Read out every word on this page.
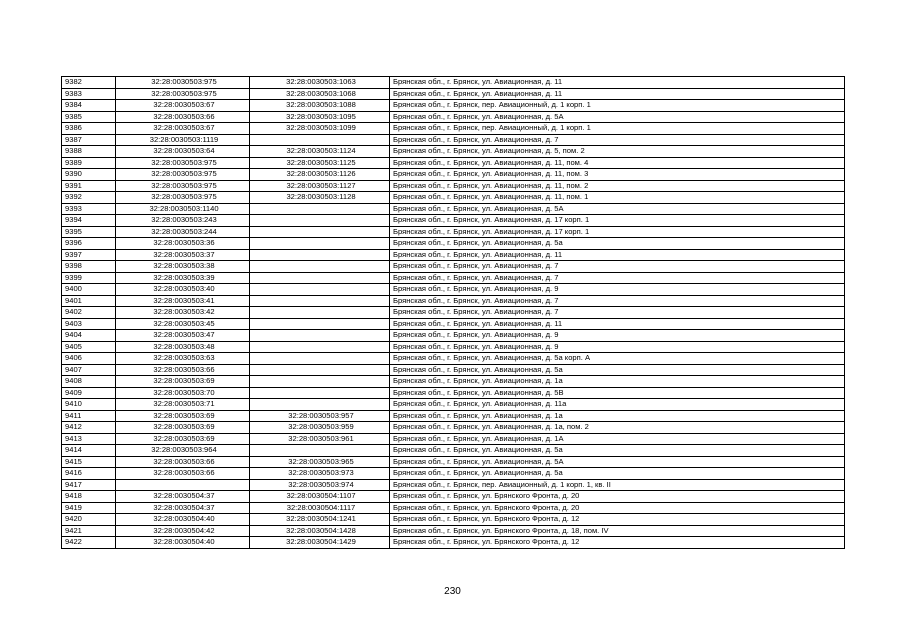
9382	32:28:0030503:975	32:28:0030503:1063	Брянская обл., г. Брянск, ул. Авиационная, д. 11
9383	32:28:0030503:975	32:28:0030503:1068	Брянская обл., г. Брянск, ул. Авиационная, д. 11
9384	32:28:0030503:67	32:28:0030503:1088	Брянская обл., г. Брянск, пер. Авиационный, д. 1 корп. 1
9385	32:28:0030503:66	32:28:0030503:1095	Брянская обл., г. Брянск, ул. Авиационная, д. 5А
9386	32:28:0030503:67	32:28:0030503:1099	Брянская обл., г. Брянск, пер. Авиационный, д. 1 корп. 1
9387	32:28:0030503:1119		Брянская обл., г. Брянск, ул. Авиационная, д. 7
9388	32:28:0030503:64	32:28:0030503:1124	Брянская обл., г. Брянск, ул. Авиационная, д. 5, пом. 2
9389	32:28:0030503:975	32:28:0030503:1125	Брянская обл., г. Брянск, ул. Авиационная, д. 11, пом. 4
9390	32:28:0030503:975	32:28:0030503:1126	Брянская обл., г. Брянск, ул. Авиационная, д. 11, пом. 3
9391	32:28:0030503:975	32:28:0030503:1127	Брянская обл., г. Брянск, ул. Авиационная, д. 11, пом. 2
9392	32:28:0030503:975	32:28:0030503:1128	Брянская обл., г. Брянск, ул. Авиационная, д. 11, пом. 1
9393	32:28:0030503:1140		Брянская обл., г. Брянск, ул. Авиационная, д. 5А
9394	32:28:0030503:243		Брянская обл., г. Брянск, ул. Авиационная, д. 17 корп. 1
9395	32:28:0030503:244		Брянская обл., г. Брянск, ул. Авиационная, д. 17 корп. 1
9396	32:28:0030503:36		Брянская обл., г. Брянск, ул. Авиационная, д. 5а
9397	32:28:0030503:37		Брянская обл., г. Брянск, ул. Авиационная, д. 11
9398	32:28:0030503:38		Брянская обл., г. Брянск, ул. Авиационная, д. 7
9399	32:28:0030503:39		Брянская обл., г. Брянск, ул. Авиационная, д. 7
9400	32:28:0030503:40		Брянская обл., г. Брянск, ул. Авиационная, д. 9
9401	32:28:0030503:41		Брянская обл., г. Брянск, ул. Авиационная, д. 7
9402	32:28:0030503:42		Брянская обл., г. Брянск, ул. Авиационная, д. 7
9403	32:28:0030503:45		Брянская обл., г. Брянск, ул. Авиационная, д. 11
9404	32:28:0030503:47		Брянская обл., г. Брянск, ул. Авиационная, д. 9
9405	32:28:0030503:48		Брянская обл., г. Брянск, ул. Авиационная, д. 9
9406	32:28:0030503:63		Брянская обл., г. Брянск, ул. Авиационная, д. 5а корп. А
9407	32:28:0030503:66		Брянская обл., г. Брянск, ул. Авиационная, д. 5а
9408	32:28:0030503:69		Брянская обл., г. Брянск, ул. Авиационная, д. 1а
9409	32:28:0030503:70		Брянская обл., г. Брянск, ул. Авиационная, д. 5В
9410	32:28:0030503:71		Брянская обл., г. Брянск, ул. Авиационная, д. 11а
9411	32:28:0030503:69	32:28:0030503:957	Брянская обл., г. Брянск, ул. Авиационная, д. 1а
9412	32:28:0030503:69	32:28:0030503:959	Брянская обл., г. Брянск, ул. Авиационная, д. 1а, пом. 2
9413	32:28:0030503:69	32:28:0030503:961	Брянская обл., г. Брянск, ул. Авиационная, д. 1А
9414	32:28:0030503:964		Брянская обл., г. Брянск, ул. Авиационная, д. 5а
9415	32:28:0030503:66	32:28:0030503:965	Брянская обл., г. Брянск, ул. Авиационная, д. 5А
9416	32:28:0030503:66	32:28:0030503:973	Брянская обл., г. Брянск, ул. Авиационная, д. 5а
9417		32:28:0030503:974	Брянская обл., г. Брянск, пер. Авиационный, д. 1 корп. 1, кв. II
9418	32:28:0030504:37	32:28:0030504:1107	Брянская обл., г. Брянск, ул. Брянского Фронта, д. 20
9419	32:28:0030504:37	32:28:0030504:1117	Брянская обл., г. Брянск, ул. Брянского Фронта, д. 20
9420	32:28:0030504:40	32:28:0030504:1241	Брянская обл., г. Брянск, ул. Брянского Фронта, д. 12
9421	32:28:0030504:42	32:28:0030504:1428	Брянская обл., г. Брянск, ул. Брянского Фронта, д. 18, пом. IV
9422	32:28:0030504:40	32:28:0030504:1429	Брянская обл., г. Брянск, ул. Брянского Фронта, д. 12
230
